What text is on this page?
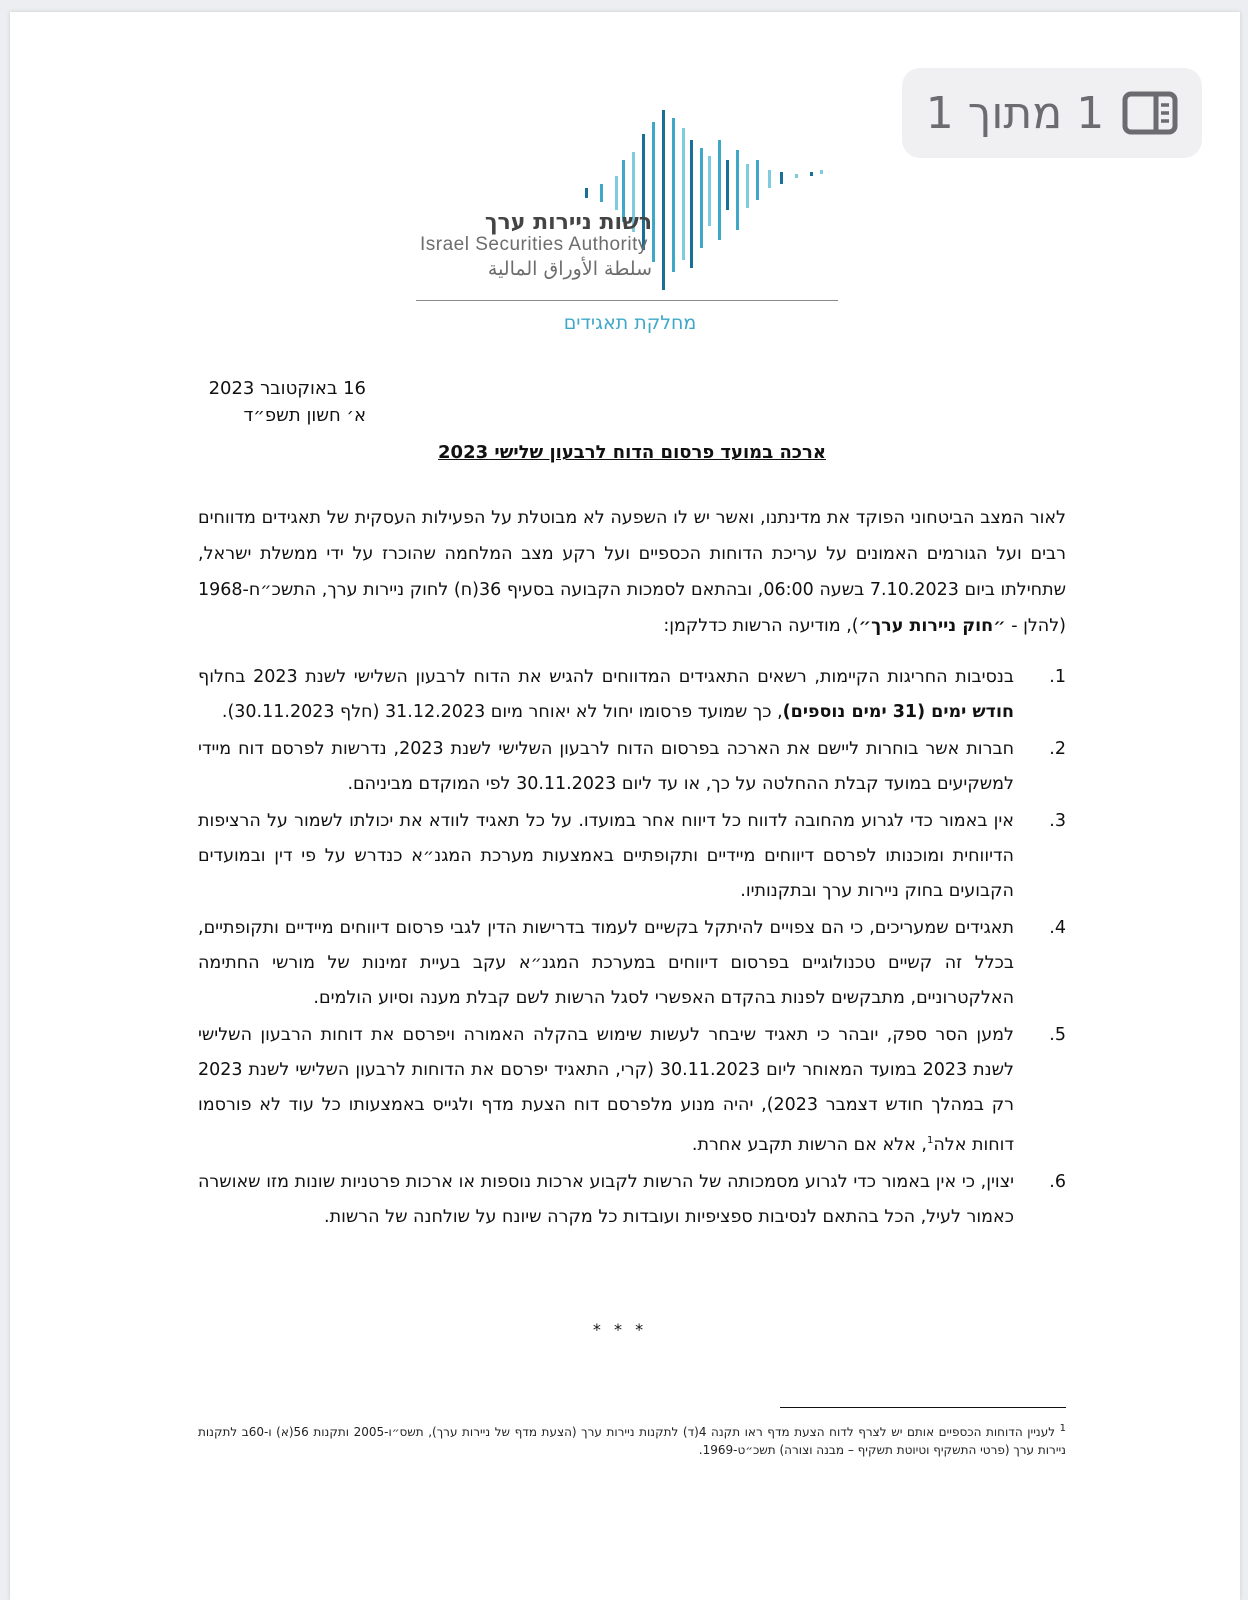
1 מתוך 1
רשות ניירות ערך
Israel Securities Authority
سلطة الأوراق المالية
מחלקת תאגידים
16 באוקטובר 2023
א׳ חשון תשפ״ד
ארכה במועד פרסום הדוח לרבעון שלישי 2023
לאור המצב הביטחוני הפוקד את מדינתנו, ואשר יש לו השפעה לא מבוטלת על הפעילות העסקית של תאגידים מדווחים רבים ועל הגורמים האמונים על עריכת הדוחות הכספיים ועל רקע מצב המלחמה שהוכרז על ידי ממשלת ישראל, שתחילתו ביום 7.10.2023 בשעה 06:00, ובהתאם לסמכות הקבועה בסעיף 36(ח) לחוק ניירות ערך, התשכ״ח-1968 (להלן - ״חוק ניירות ערך״), מודיעה הרשות כדלקמן:
1.
בנסיבות החריגות הקיימות, רשאים התאגידים המדווחים להגיש את הדוח לרבעון השלישי לשנת 2023 בחלוף חודש ימים (31 ימים נוספים), כך שמועד פרסומו יחול לא יאוחר מיום 31.12.2023 (חלף 30.11.2023).
2.
חברות אשר בוחרות ליישם את הארכה בפרסום הדוח לרבעון השלישי לשנת 2023, נדרשות לפרסם דוח מיידי למשקיעים במועד קבלת ההחלטה על כך, או עד ליום 30.11.2023 לפי המוקדם מביניהם.
3.
אין באמור כדי לגרוע מהחובה לדווח כל דיווח אחר במועדו. על כל תאגיד לוודא את יכולתו לשמור על הרציפות הדיווחית ומוכנותו לפרסם דיווחים מיידיים ותקופתיים באמצעות מערכת המגנ״א כנדרש על פי דין ובמועדים הקבועים בחוק ניירות ערך ובתקנותיו.
4.
תאגידים שמעריכים, כי הם צפויים להיתקל בקשיים לעמוד בדרישות הדין לגבי פרסום דיווחים מיידיים ותקופתיים, בכלל זה קשיים טכנולוגיים בפרסום דיווחים במערכת המגנ״א עקב בעיית זמינות של מורשי החתימה האלקטרוניים, מתבקשים לפנות בהקדם האפשרי לסגל הרשות לשם קבלת מענה וסיוע הולמים.
5.
למען הסר ספק, יובהר כי תאגיד שיבחר לעשות שימוש בהקלה האמורה ויפרסם את דוחות הרבעון השלישי לשנת 2023 במועד המאוחר ליום 30.11.2023 (קרי, התאגיד יפרסם את הדוחות לרבעון השלישי לשנת 2023 רק במהלך חודש דצמבר 2023), יהיה מנוע מלפרסם דוח הצעת מדף ולגייס באמצעותו כל עוד לא פורסמו דוחות אלה$^1$, אלא אם הרשות תקבע אחרת.
6.
יצוין, כי אין באמור כדי לגרוע מסמכותה של הרשות לקבוע ארכות נוספות או ארכות פרטניות שונות מזו שאושרה כאמור לעיל, הכל בהתאם לנסיבות ספציפיות ועובדות כל מקרה שיונח על שולחנה של הרשות.
* * *
$^1$ לעניין הדוחות הכספיים אותם יש לצרף לדוח הצעת מדף ראו תקנה 4(ד) לתקנות ניירות ערך (הצעת מדף של ניירות ערך), תשס״ו-2005 ותקנות 56(א) ו-60ב לתקנות ניירות ערך (פרטי התשקיף וטיוטת תשקיף – מבנה וצורה) תשכ״ט-1969.
